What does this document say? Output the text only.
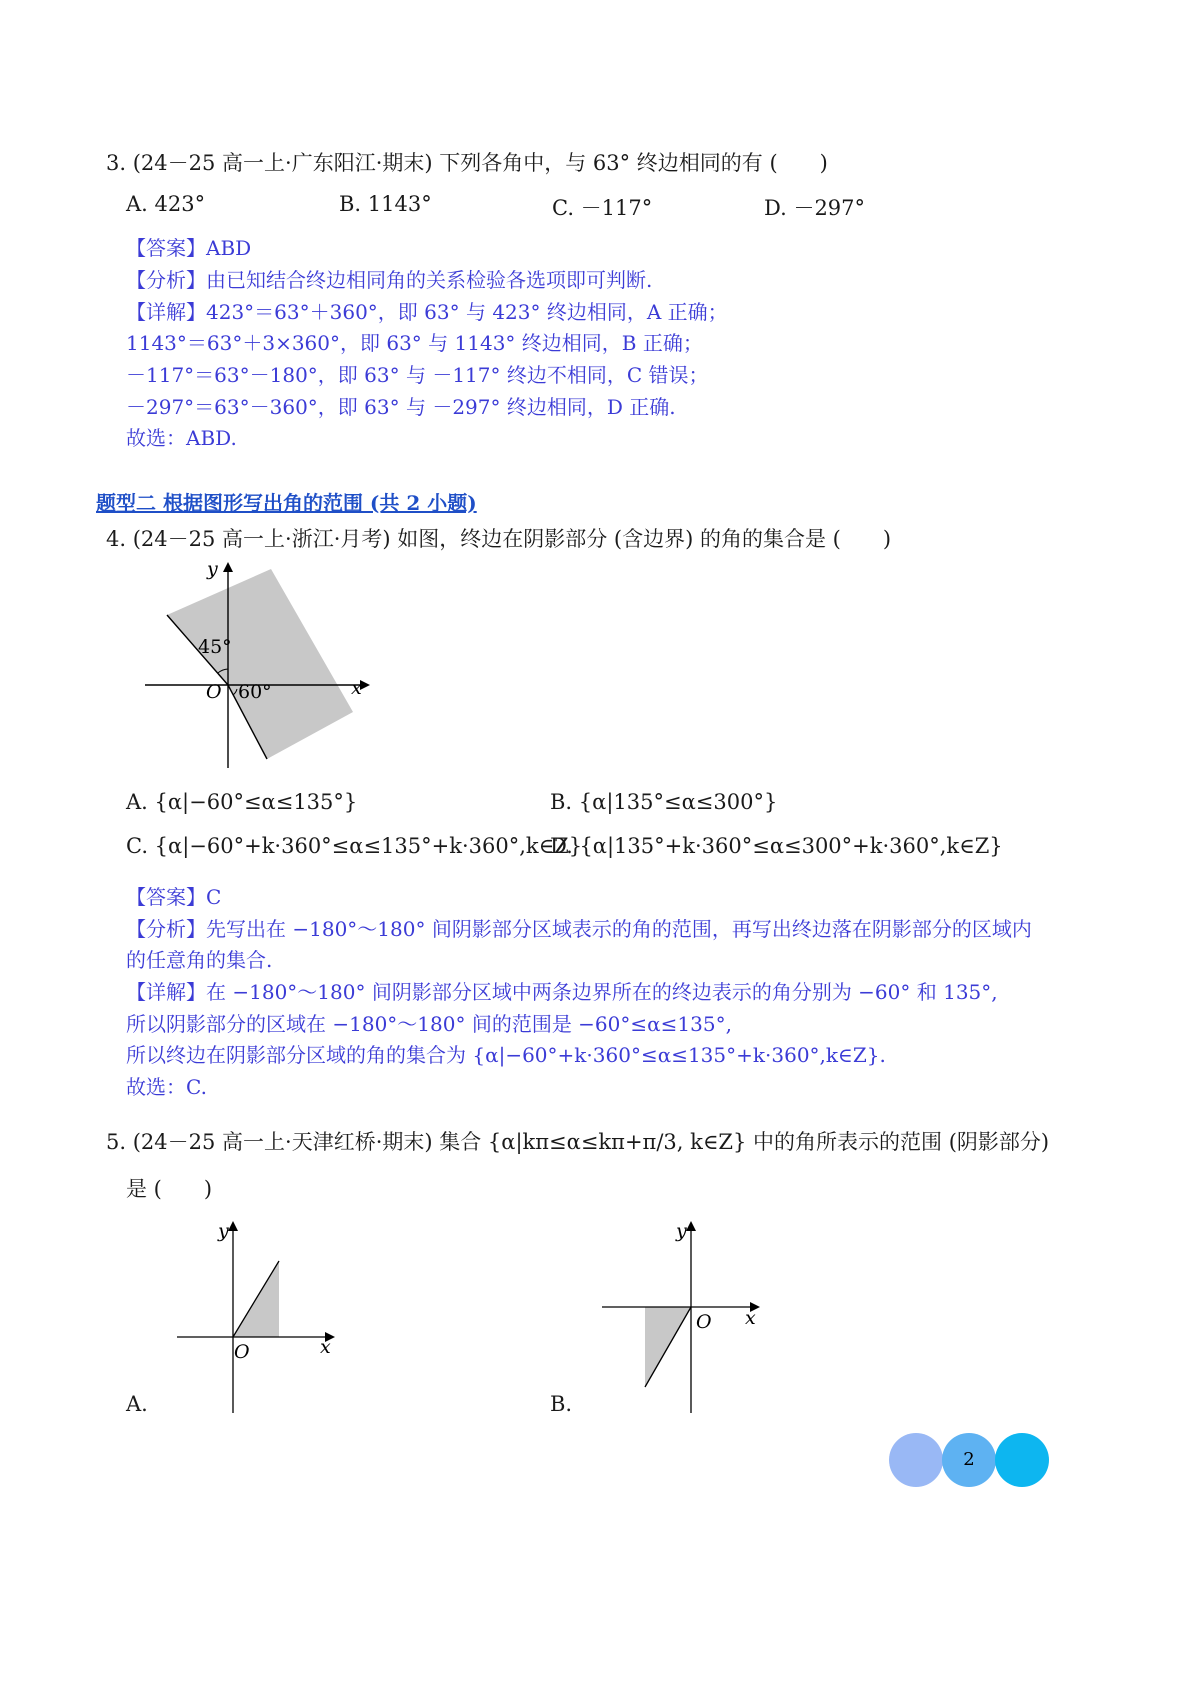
3. (24－25 高一上·广东阳江·期末) 下列各角中，与 63° 终边相同的有 (　　)
A. 423°	B. 1143°	C. －117°	D. －297°
【答案】ABD
【分析】由已知结合终边相同角的关系检验各选项即可判断.
【详解】423°＝63°＋360°，即 63° 与 423° 终边相同，A 正确；
1143°＝63°＋3×360°，即 63° 与 1143° 终边相同，B 正确；
－117°＝63°－180°，即 63° 与 －117° 终边不相同，C 错误；
－297°＝63°－360°，即 63° 与 －297° 终边相同，D 正确.
故选：ABD.
题型二 根据图形写出角的范围 (共 2 小题)
4. (24－25 高一上·浙江·月考) 如图，终边在阴影部分 (含边界) 的角的集合是 (　　)
y
x
O
45°
60°
A. {α|−60°≤α≤135°}	B. {α|135°≤α≤300°}
C. {α|−60°+k·360°≤α≤135°+k·360°,k∈Z}
D. {α|135°+k·360°≤α≤300°+k·360°,k∈Z}
【答案】C
【分析】先写出在 −180°～180° 间阴影部分区域表示的角的范围，再写出终边落在阴影部分的区域内
的任意角的集合.
【详解】在 −180°～180° 间阴影部分区域中两条边界所在的终边表示的角分别为 −60° 和 135°,
所以阴影部分的区域在 −180°～180° 间的范围是 −60°≤α≤135°,
所以终边在阴影部分区域的角的集合为 {α|−60°+k·360°≤α≤135°+k·360°,k∈Z}.
故选：C.
5. (24－25 高一上·天津红桥·期末) 集合 {α|kπ≤α≤kπ+π/3, k∈Z} 中的角所表示的范围 (阴影部分)
是 (　　)
y
x
O
A.
y
x
O
B.
2
